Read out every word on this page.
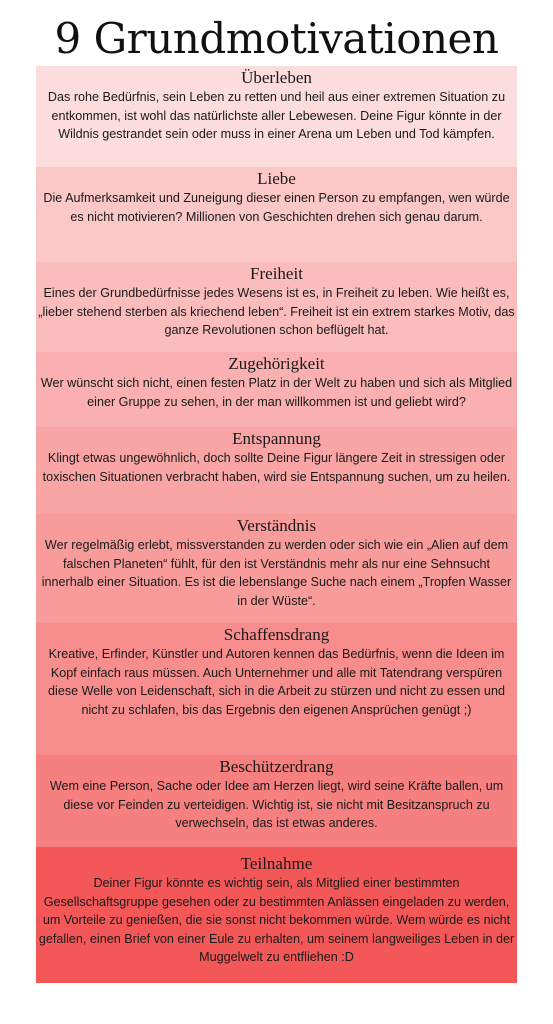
9 Grundmotivationen
Überleben
Das rohe Bedürfnis, sein Leben zu retten und heil aus einer extremen Situation zu entkommen, ist wohl das natürlichste aller Lebewesen. Deine Figur könnte in der Wildnis gestrandet sein oder muss in einer Arena um Leben und Tod kämpfen.
Liebe
Die Aufmerksamkeit und Zuneigung dieser einen Person zu empfangen, wen würde es nicht motivieren? Millionen von Geschichten drehen sich genau darum.
Freiheit
Eines der Grundbedürfnisse jedes Wesens ist es, in Freiheit zu leben. Wie heißt es, „lieber stehend sterben als kriechend leben“. Freiheit ist ein extrem starkes Motiv, das ganze Revolutionen schon beflügelt hat.
Zugehörigkeit
Wer wünscht sich nicht, einen festen Platz in der Welt zu haben und sich als Mitglied einer Gruppe zu sehen, in der man willkommen ist und geliebt wird?
Entspannung
Klingt etwas ungewöhnlich, doch sollte Deine Figur längere Zeit in stressigen oder toxischen Situationen verbracht haben, wird sie Entspannung suchen, um zu heilen.
Verständnis
Wer regelmäßig erlebt, missverstanden zu werden oder sich wie ein „Alien auf dem falschen Planeten“ fühlt, für den ist Verständnis mehr als nur eine Sehnsucht innerhalb einer Situation. Es ist die lebenslange Suche nach einem „Tropfen Wasser in der Wüste“.
Schaffensdrang
Kreative, Erfinder, Künstler und Autoren kennen das Bedürfnis, wenn die Ideen im Kopf einfach raus müssen. Auch Unternehmer und alle mit Tatendrang verspüren diese Welle von Leidenschaft, sich in die Arbeit zu stürzen und nicht zu essen und nicht zu schlafen, bis das Ergebnis den eigenen Ansprüchen genügt ;)
Beschützerdrang
Wem eine Person, Sache oder Idee am Herzen liegt, wird seine Kräfte ballen, um diese vor Feinden zu verteidigen. Wichtig ist, sie nicht mit Besitzanspruch zu verwechseln, das ist etwas anderes.
Teilnahme
Deiner Figur könnte es wichtig sein, als Mitglied einer bestimmten Gesellschaftsgruppe gesehen oder zu bestimmten Anlässen eingeladen zu werden, um Vorteile zu genießen, die sie sonst nicht bekommen würde. Wem würde es nicht gefallen, einen Brief von einer Eule zu erhalten, um seinem langweiliges Leben in der Muggelwelt zu entfliehen :D
